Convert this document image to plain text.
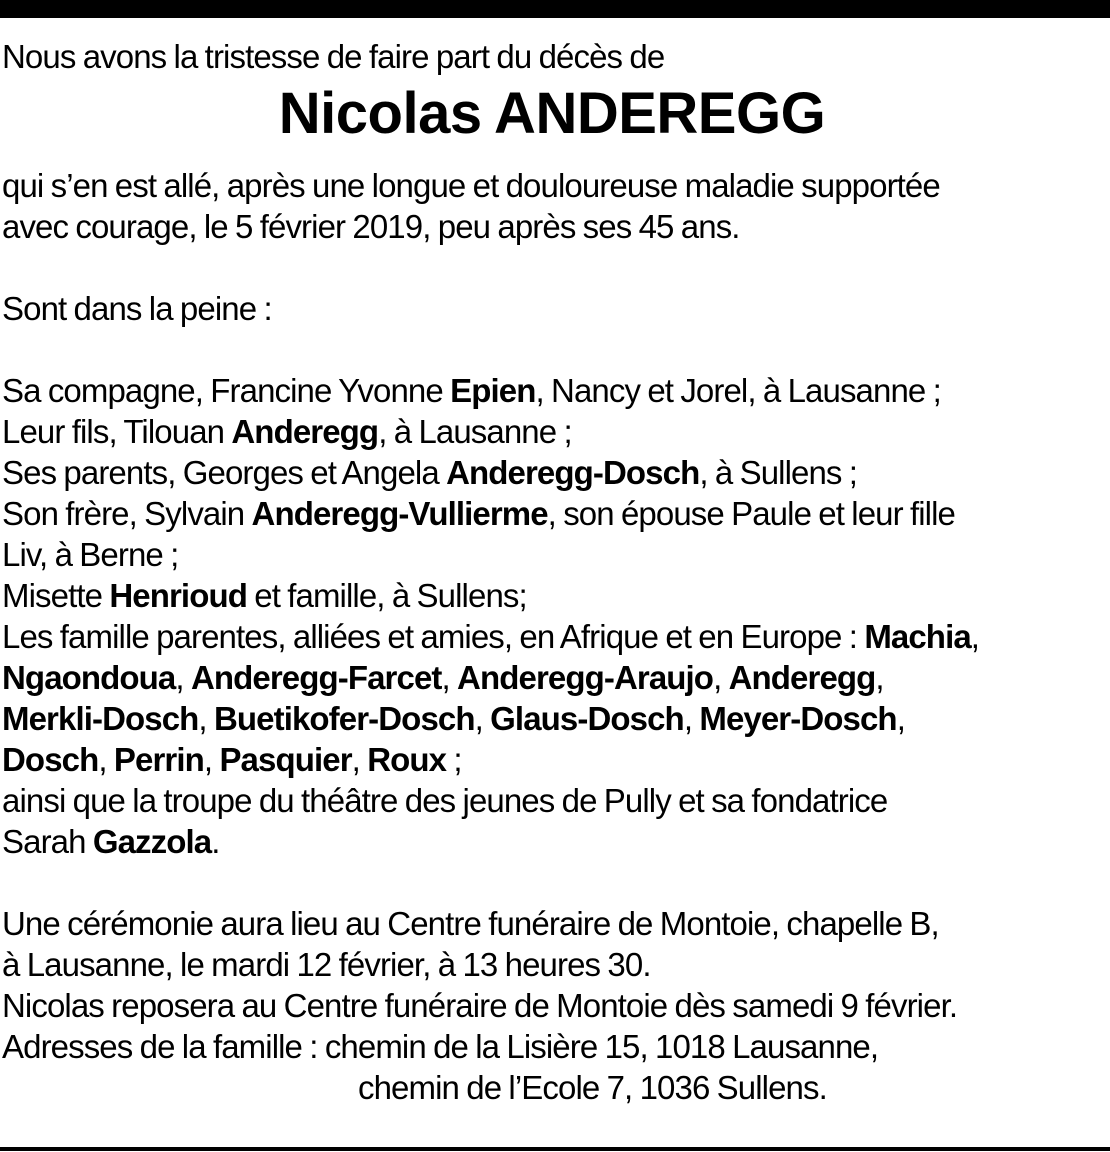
Nous avons la tristesse de faire part du décès de
Nicolas ANDEREGG
qui s’en est allé, après une longue et douloureuse maladie supportée
avec courage, le 5 février 2019, peu après ses 45 ans.
Sont dans la peine :
Sa compagne, Francine Yvonne Epien, Nancy et Jorel, à Lausanne ;
Leur fils, Tilouan Anderegg, à Lausanne ;
Ses parents, Georges et Angela Anderegg-Dosch, à Sullens ;
Son frère, Sylvain Anderegg-Vullierme, son épouse Paule et leur fille
Liv, à Berne ;
Misette Henrioud et famille, à Sullens;
Les famille parentes, alliées et amies, en Afrique et en Europe : Machia,
Ngaondoua, Anderegg-Farcet, Anderegg-Araujo, Anderegg,
Merkli-Dosch, Buetikofer-Dosch, Glaus-Dosch, Meyer-Dosch,
Dosch, Perrin, Pasquier, Roux ;
ainsi que la troupe du théâtre des jeunes de Pully et sa fondatrice
Sarah Gazzola.
Une cérémonie aura lieu au Centre funéraire de Montoie, chapelle B,
à Lausanne, le mardi 12 février, à 13 heures 30.
Nicolas reposera au Centre funéraire de Montoie dès samedi 9 février.
Adresses de la famille : chemin de la Lisière 15, 1018 Lausanne,
chemin de l’Ecole 7, 1036 Sullens.
